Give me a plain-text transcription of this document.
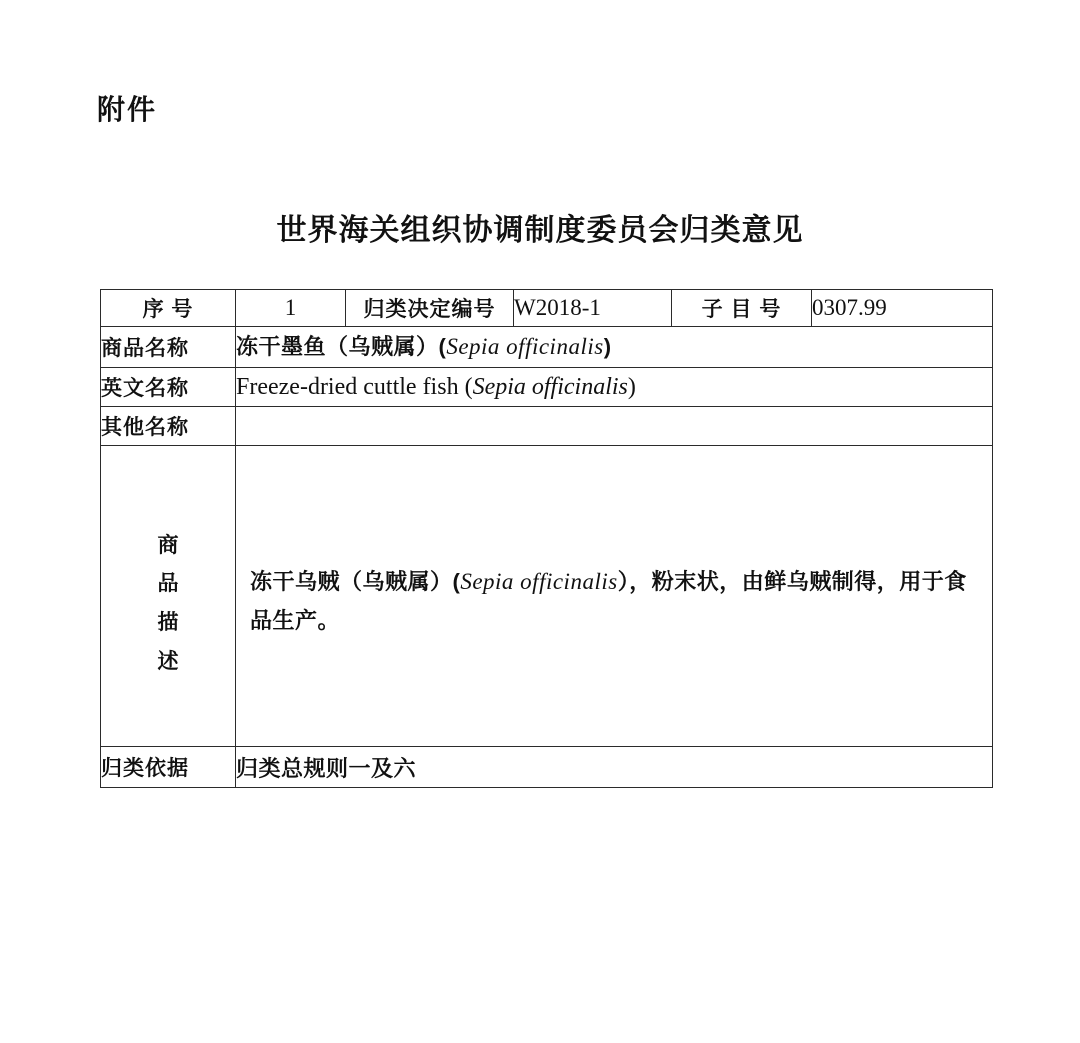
附件
世界海关组织协调制度委员会归类意见
序 号	1	归类决定编号	W2018-1	子 目 号	0307.99
商品名称	冻干墨鱼（乌贼属）(Sepia officinalis)				
英文名称	Freeze-dried cuttle fish (Sepia officinalis)				
其他名称					

商
品
描
述	冻干乌贼（乌贼属）(Sepia officinalis），粉末状，由鲜乌贼制得，用于食品生产。				

归类依据	归类总规则一及六				
